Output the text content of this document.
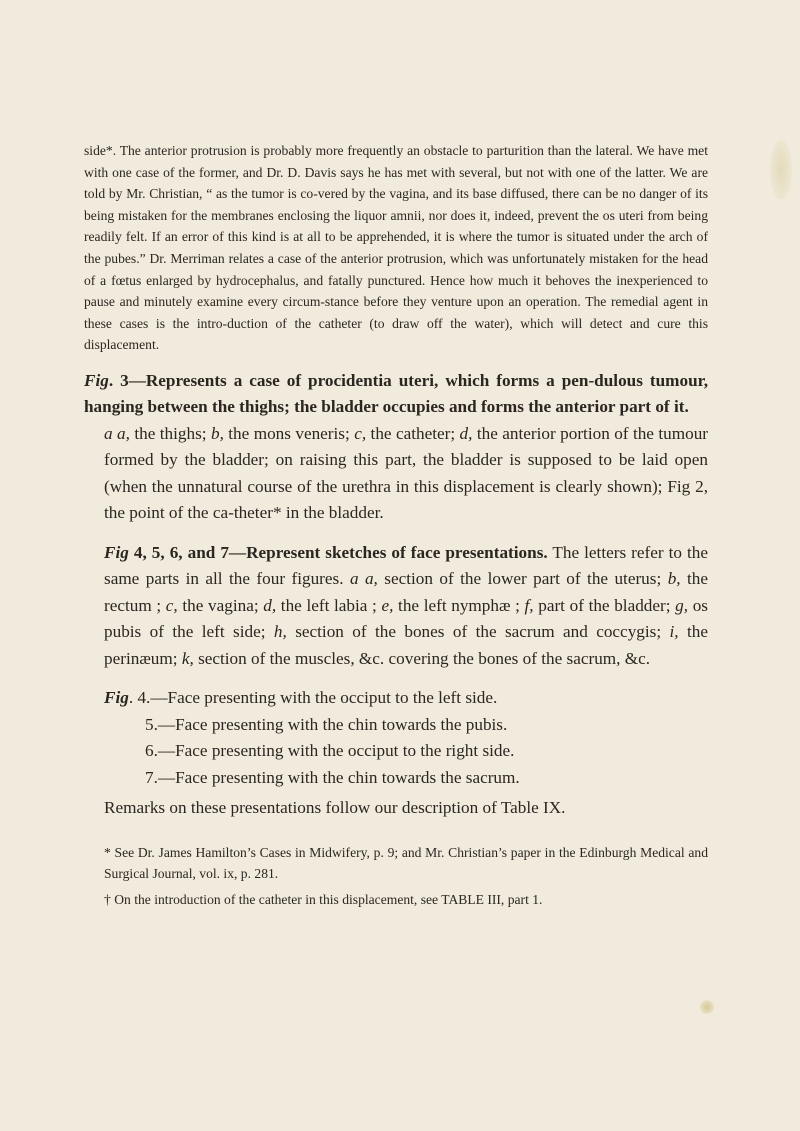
side*. The anterior protrusion is probably more frequently an obstacle to parturition than the lateral. We have met with one case of the former, and Dr. D. Davis says he has met with several, but not with one of the latter. We are told by Mr. Christian, “ as the tumor is co-vered by the vagina, and its base diffused, there can be no danger of its being mistaken for the membranes enclosing the liquor amnii, nor does it, indeed, prevent the os uteri from being readily felt. If an error of this kind is at all to be apprehended, it is where the tumor is situated under the arch of the pubes.” Dr. Merriman relates a case of the anterior protrusion, which was unfortunately mistaken for the head of a fœtus enlarged by hydrocephalus, and fatally punctured. Hence how much it behoves the inexperienced to pause and minutely examine every circum-stance before they venture upon an operation. The remedial agent in these cases is the intro-duction of the catheter (to draw off the water), which will detect and cure this displacement.

Fig. 3—Represents a case of procidentia uteri, which forms a pen-dulous tumour, hanging between the thighs; the bladder occupies and forms the anterior part of it.

a a, the thighs; b, the mons veneris; c, the catheter; d, the anterior portion of the tumour formed by the bladder; on raising this part, the bladder is supposed to be laid open (when the unnatural course of the urethra in this displacement is clearly shown); Fig 2, the point of the ca-theter* in the bladder.

Fig 4, 5, 6, and 7—Represent sketches of face presentations. The letters refer to the same parts in all the four figures. a a, section of the lower part of the uterus; b, the rectum ; c, the vagina; d, the left labia ; e, the left nymphæ ; f, part of the bladder; g, os pubis of the left side; h, section of the bones of the sacrum and coccygis; i, the perinæum; k, section of the muscles, &c. covering the bones of the sacrum, &c.

Fig. 4.—Face presenting with the occiput to the left side.

5.—Face presenting with the chin towards the pubis.

6.—Face presenting with the occiput to the right side.

7.—Face presenting with the chin towards the sacrum.

Remarks on these presentations follow our description of Table IX.

* See Dr. James Hamilton’s Cases in Midwifery, p. 9; and Mr. Christian’s paper in the Edinburgh Medical and Surgical Journal, vol. ix, p. 281.

† On the introduction of the catheter in this displacement, see TABLE III, part 1.
